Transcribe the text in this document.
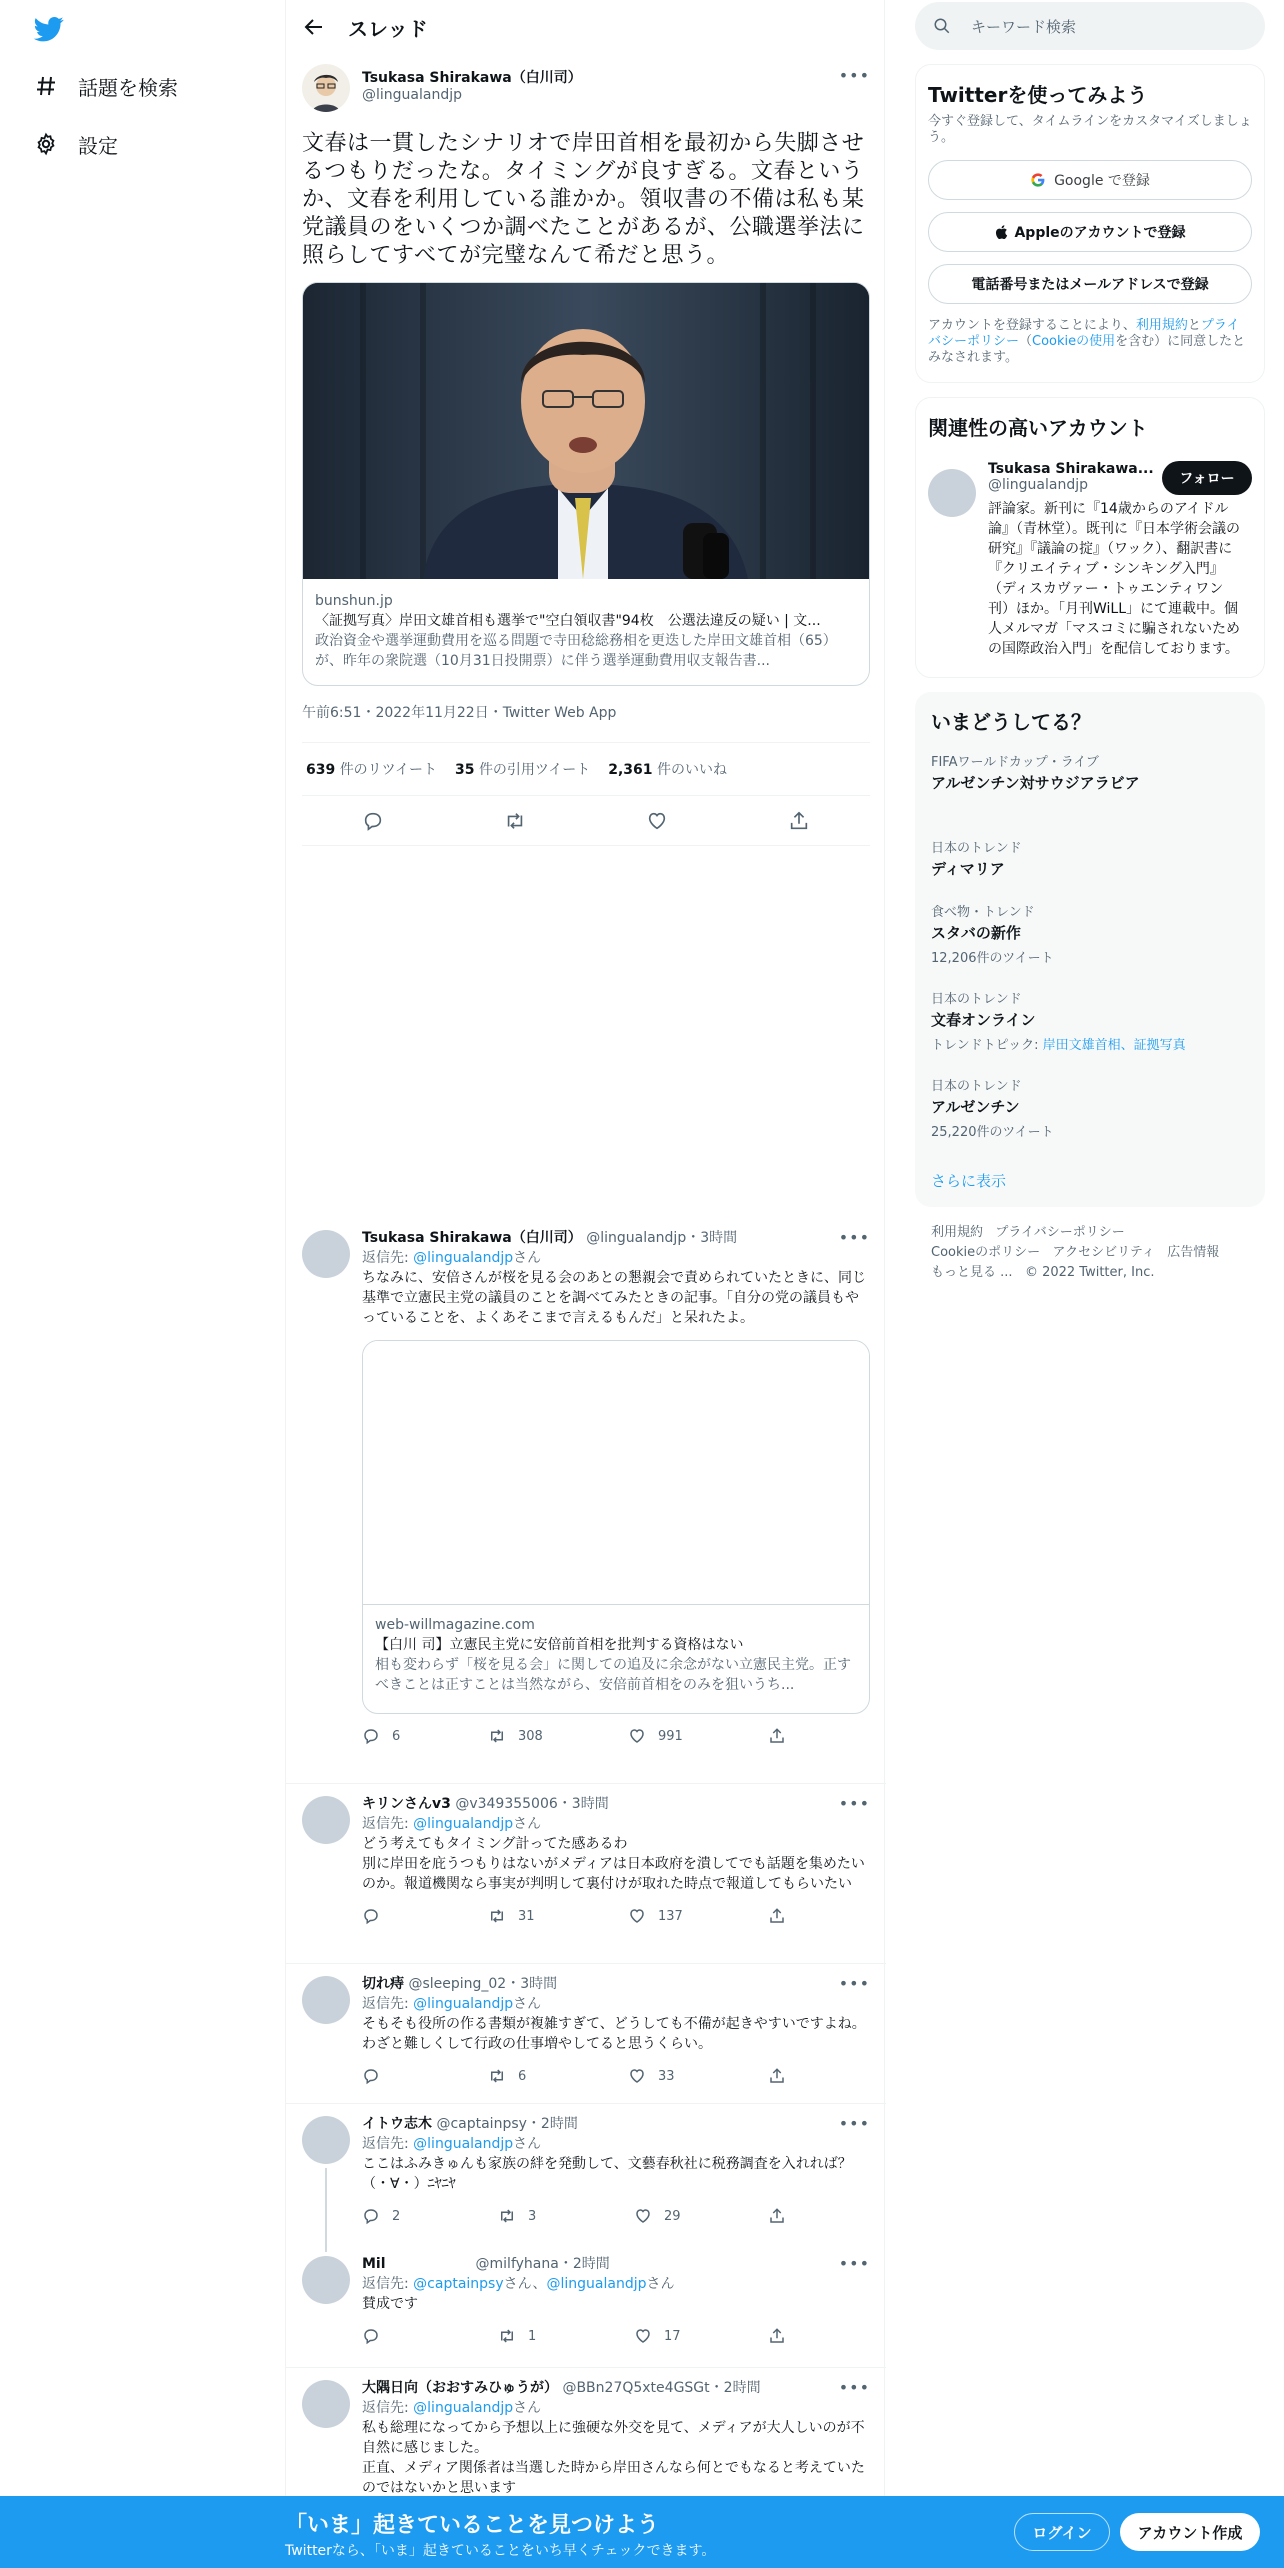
話題を検索
設定
スレッド
Tsukasa Shirakawa（白川司）
@lingualandjp
•••
文春は一貫したシナリオで岸田首相を最初から失脚させるつもりだったな。タイミングが良すぎる。文春というか、文春を利用している誰かか。領収書の不備は私も某党議員のをいくつか調べたことがあるが、公職選挙法に照らしてすべてが完璧なんて希だと思う。
bunshun.jp
〈証拠写真〉岸田文雄首相も選挙で"空白領収書"94枚　公選法違反の疑い | 文...
政治資金や選挙運動費用を巡る問題で寺田稔総務相を更迭した岸田文雄首相（65）が、昨年の衆院選（10月31日投開票）に伴う選挙運動費用収支報告書...
午前6:51・2022年11月22日・Twitter Web App
639 件のリツイート 35 件の引用ツイート 2,361 件のいいね
Tsukasa Shirakawa（白川司） @lingualandjp・3時間	•••
返信先: @lingualandjpさん
ちなみに、安倍さんが桜を見る会のあとの懇親会で責められていたときに、同じ基準で立憲民主党の議員のことを調べてみたときの記事。「自分の党の議員もやっていることを、よくあそこまで言えるもんだ」と呆れたよ。
web-willmagazine.com
【白川 司】立憲民主党に安倍前首相を批判する資格はない
相も変わらず「桜を見る会」に関しての追及に余念がない立憲民主党。正すべきことは正すことは当然ながら、安倍前首相をのみを狙いうち...
6	308	991
キリンさんv3 @v349355006・3時間	•••
返信先: @lingualandjpさん
どう考えてもタイミング計ってた感あるわ
別に岸田を庇うつもりはないがメディアは日本政府を潰してでも話題を集めたいのか。報道機関なら事実が判明して裏付けが取れた時点で報道してもらいたい
31	137
切れ痔 @sleeping_02・3時間	•••
返信先: @lingualandjpさん
そもそも役所の作る書類が複雑すぎて、どうしても不備が起きやすいですよね。わざと難しくして行政の仕事増やしてると思うくらい。
6	33
イトウ志木 @captainpsy・2時間	•••
返信先: @lingualandjpさん
ここはふみきゅんも家族の絆を発動して、文藝春秋社に税務調査を入れれば？（・∀・）ﾆﾔﾆﾔ
2	3	29
Mil	@milfyhana・2時間	•••
返信先: @captainpsyさん、@lingualandjpさん
賛成です
1	17
大隅日向（おおすみひゅうが） @BBn27Q5xte4GSGt・2時間	•••
返信先: @lingualandjpさん
私も総理になってから予想以上に強硬な外交を見て、メディアが大人しいのが不自然に感じました。
正直、メディア関係者は当選した時から岸田さんなら何とでもなると考えていたのではないかと思います
キーワード検索
Twitterを使ってみよう
今すぐ登録して、タイムラインをカスタマイズしましょう。
Google で登録
Appleのアカウントで登録
電話番号またはメールアドレスで登録
アカウントを登録することにより、利用規約とプライバシーポリシー（Cookieの使用を含む）に同意したとみなされます。
関連性の高いアカウント
Tsukasa Shirakawa...
@lingualandjp
評論家。新刊に『14歳からのアイドル論』（青林堂）。既刊に『日本学術会議の研究』『議論の掟』（ワック）、翻訳書に『クリエイティブ・シンキング入門』（ディスカヴァー・トゥエンティワン刊）ほか。「月刊WiLL」にて連載中。個人メルマガ「マスコミに騙されないための国際政治入門」を配信しております。
フォロー
いまどうしてる？
FIFAワールドカップ・ライブ
アルゼンチン対サウジアラビア
日本のトレンド
ディマリア
食べ物・トレンド
スタバの新作
12,206件のツイート
日本のトレンド
文春オンライン
トレンドトピック: 岸田文雄首相、証拠写真
日本のトレンド
アルゼンチン
25,220件のツイート
さらに表示
利用規約 プライバシーポリシー
Cookieのポリシー アクセシビリティ 広告情報
もっと見る ... © 2022 Twitter, Inc.
「いま」起きていることを見つけよう
Twitterなら、「いま」起きていることをいち早くチェックできます。
ログイン	アカウント作成
